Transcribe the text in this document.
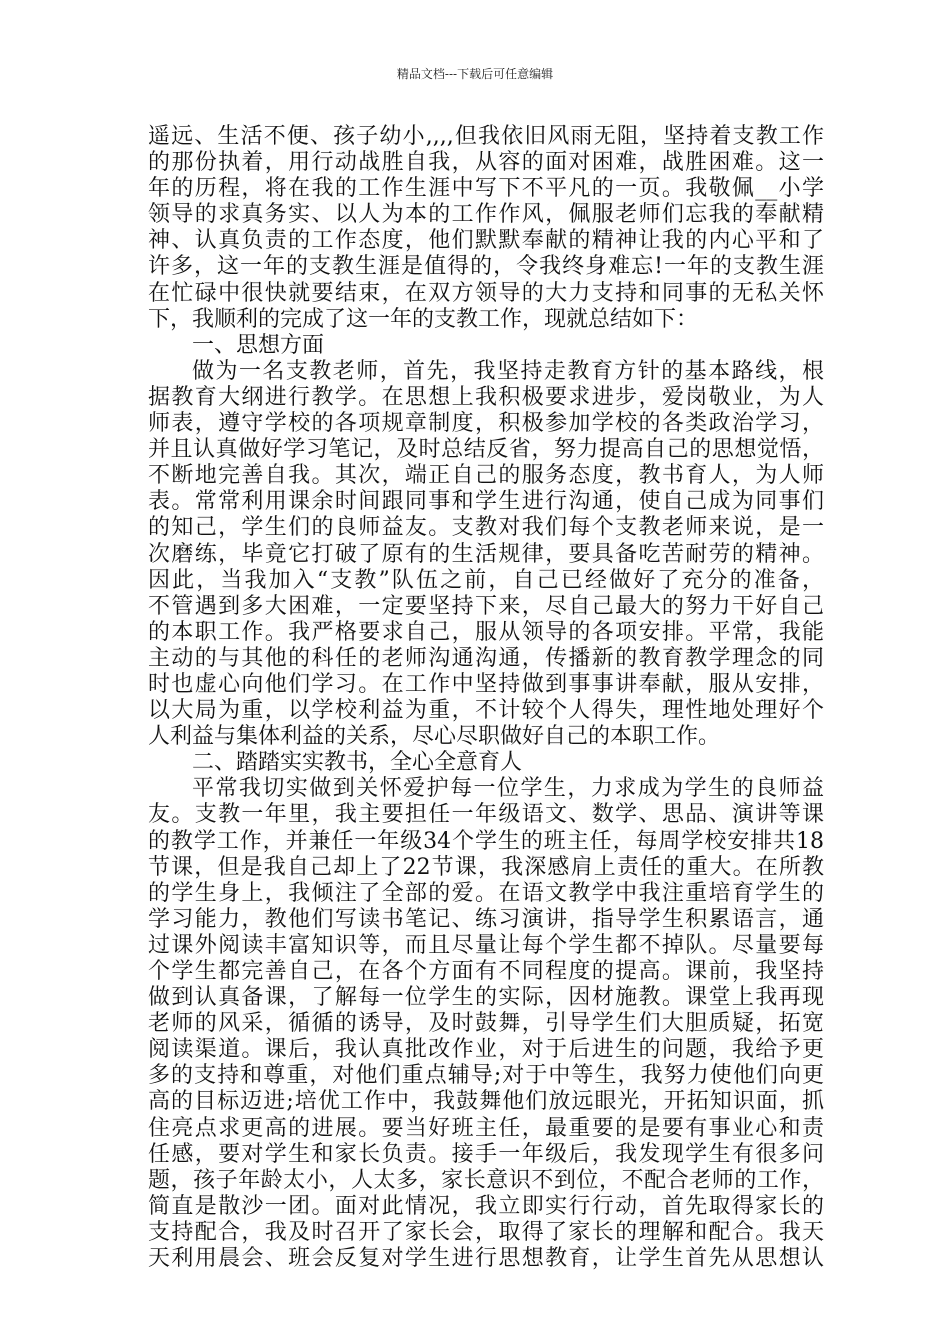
精品文档---下载后可任意编辑
遥远、生活不便、孩子幼小,,,,但我依旧风雨无阻，坚持着支教工作
的那份执着，用行动战胜自我，从容的面对困难，战胜困难。这一
年的历程，将在我的工作生涯中写下不平凡的一页。我敬佩__小学
领导的求真务实、以人为本的工作作风，佩服老师们忘我的奉献精
神、认真负责的工作态度，他们默默奉献的精神让我的内心平和了
许多，这一年的支教生涯是值得的，令我终身难忘!一年的支教生涯
在忙碌中很快就要结束，在双方领导的大力支持和同事的无私关怀
下，我顺利的完成了这一年的支教工作，现就总结如下：
一、思想方面
做为一名支教老师，首先，我坚持走教育方针的基本路线，根
据教育大纲进行教学。在思想上我积极要求进步，爱岗敬业，为人
师表，遵守学校的各项规章制度，积极参加学校的各类政治学习，
并且认真做好学习笔记，及时总结反省，努力提高自己的思想觉悟，
不断地完善自我。其次，端正自己的服务态度，教书育人，为人师
表。常常利用课余时间跟同事和学生进行沟通，使自己成为同事们
的知己，学生们的良师益友。支教对我们每个支教老师来说，是一
次磨练，毕竟它打破了原有的生活规律，要具备吃苦耐劳的精神。
因此，当我加入“支教”队伍之前，自己已经做好了充分的准备，
不管遇到多大困难，一定要坚持下来，尽自己最大的努力干好自己
的本职工作。我严格要求自己，服从领导的各项安排。平常，我能
主动的与其他的科任的老师沟通沟通，传播新的教育教学理念的同
时也虚心向他们学习。在工作中坚持做到事事讲奉献，服从安排，
以大局为重，以学校利益为重，不计较个人得失，理性地处理好个
人利益与集体利益的关系，尽心尽职做好自己的本职工作。
二、踏踏实实教书，全心全意育人
平常我切实做到关怀爱护每一位学生，力求成为学生的良师益
友。支教一年里，我主要担任一年级语文、数学、思品、演讲等课
的教学工作，并兼任一年级34个学生的班主任，每周学校安排共18
节课，但是我自己却上了22节课，我深感肩上责任的重大。在所教
的学生身上，我倾注了全部的爱。在语文教学中我注重培育学生的
学习能力，教他们写读书笔记、练习演讲，指导学生积累语言，通
过课外阅读丰富知识等，而且尽量让每个学生都不掉队。尽量要每
个学生都完善自己，在各个方面有不同程度的提高。课前，我坚持
做到认真备课，了解每一位学生的实际，因材施教。课堂上我再现
老师的风采，循循的诱导，及时鼓舞，引导学生们大胆质疑，拓宽
阅读渠道。课后，我认真批改作业，对于后进生的问题，我给予更
多的支持和尊重，对他们重点辅导;对于中等生，我努力使他们向更
高的目标迈进;培优工作中，我鼓舞他们放远眼光，开拓知识面，抓
住亮点求更高的进展。要当好班主任，最重要的是要有事业心和责
任感，要对学生和家长负责。接手一年级后，我发现学生有很多问
题，孩子年龄太小，人太多，家长意识不到位，不配合老师的工作，
简直是散沙一团。面对此情况，我立即实行行动，首先取得家长的
支持配合，我及时召开了家长会，取得了家长的理解和配合。我天
天利用晨会、班会反复对学生进行思想教育，让学生首先从思想认
